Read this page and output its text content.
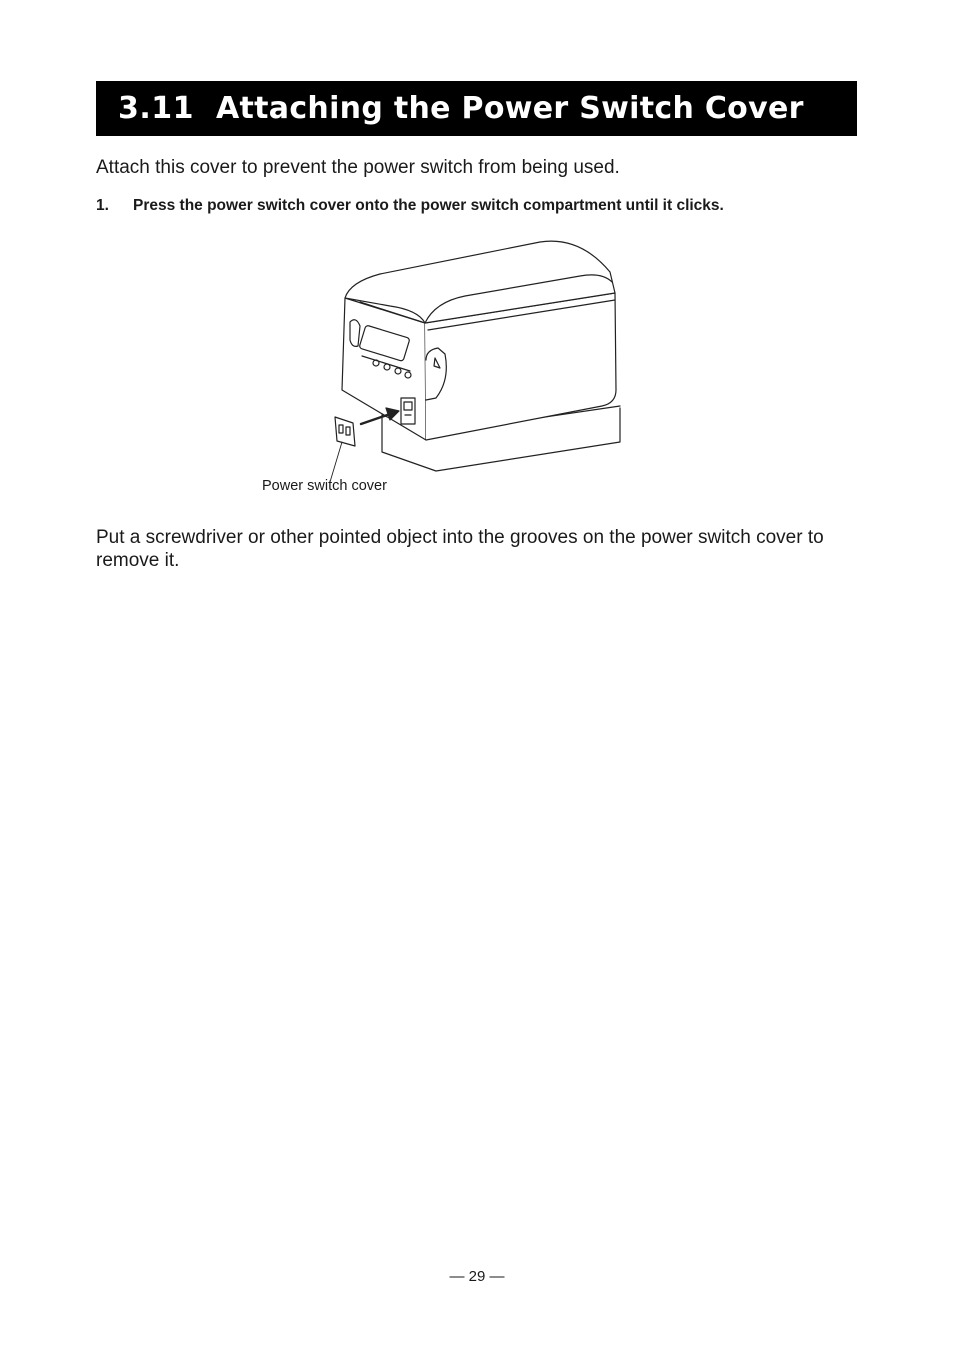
3.11 Attaching the Power Switch Cover
Attach this cover to prevent the power switch from being used.
1.	Press the power switch cover onto the power switch compartment until it clicks.
Power switch cover
Put a screwdriver or other pointed object into the grooves on the power switch cover to remove it.
— 29 —
